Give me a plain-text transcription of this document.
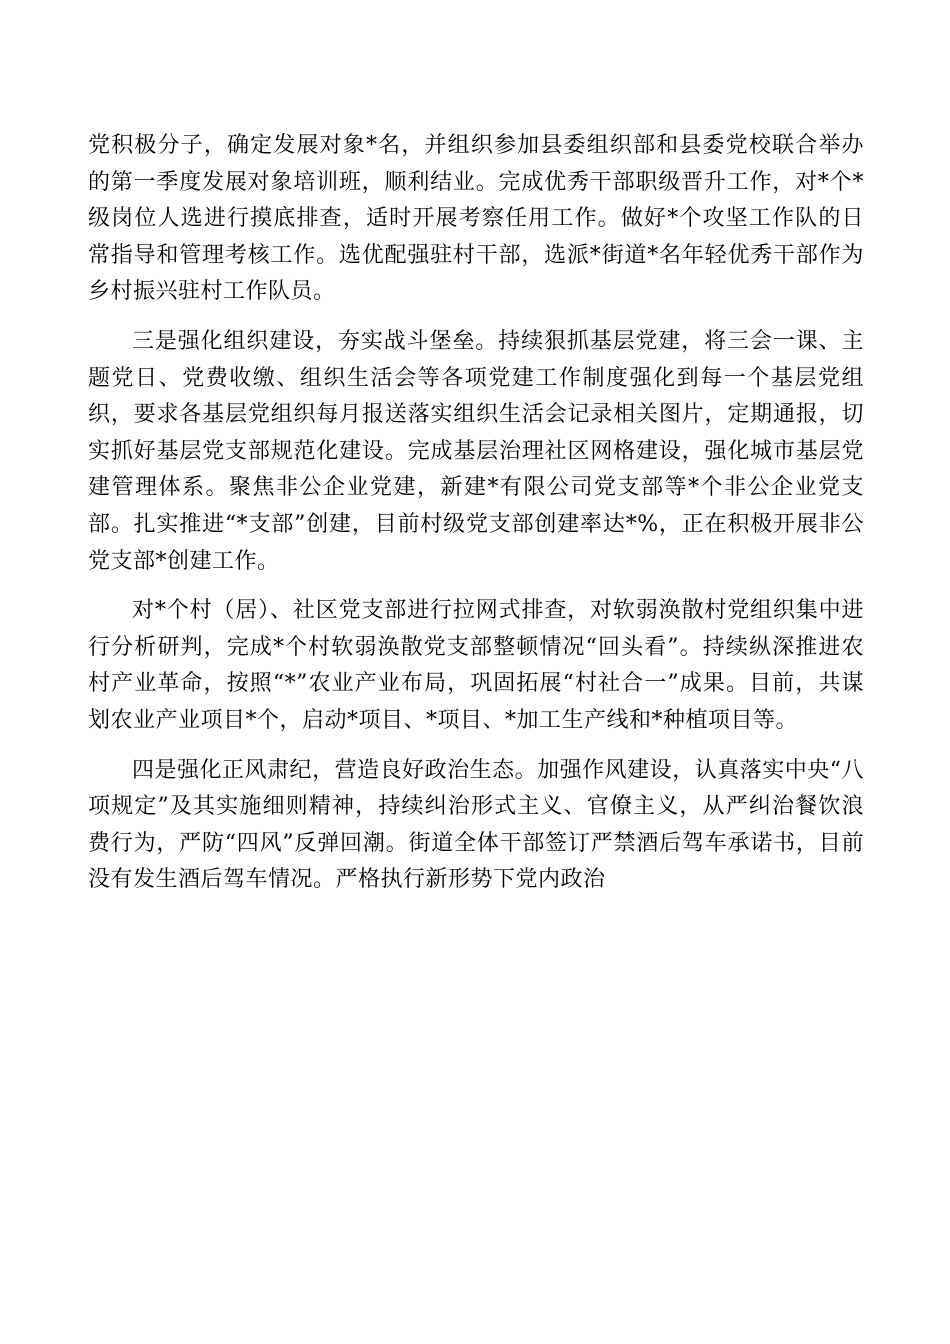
党积极分子，确定发展对象*名，并组织参加县委组织部和县委党校联合举办的第一季度发展对象培训班，顺利结业。完成优秀干部职级晋升工作，对*个*级岗位人选进行摸底排查，适时开展考察任用工作。做好*个攻坚工作队的日常指导和管理考核工作。选优配强驻村干部，选派*街道*名年轻优秀干部作为乡村振兴驻村工作队员。

三是强化组织建设，夯实战斗堡垒。持续狠抓基层党建，将三会一课、主题党日、党费收缴、组织生活会等各项党建工作制度强化到每一个基层党组织，要求各基层党组织每月报送落实组织生活会记录相关图片，定期通报，切实抓好基层党支部规范化建设。完成基层治理社区网格建设，强化城市基层党建管理体系。聚焦非公企业党建，新建*有限公司党支部等*个非公企业党支部。扎实推进“*支部”创建，目前村级党支部创建率达*%，正在积极开展非公党支部*创建工作。

对*个村（居）、社区党支部进行拉网式排查，对软弱涣散村党组织集中进行分析研判，完成*个村软弱涣散党支部整顿情况“回头看”。持续纵深推进农村产业革命，按照“*”农业产业布局，巩固拓展“村社合一”成果。目前，共谋划农业产业项目*个，启动*项目、*项目、*加工生产线和*种植项目等。

四是强化正风肃纪，营造良好政治生态。加强作风建设，认真落实中央“八项规定”及其实施细则精神，持续纠治形式主义、官僚主义，从严纠治餐饮浪费行为，严防“四风”反弹回潮。街道全体干部签订严禁酒后驾车承诺书，目前没有发生酒后驾车情况。严格执行新形势下党内政治
